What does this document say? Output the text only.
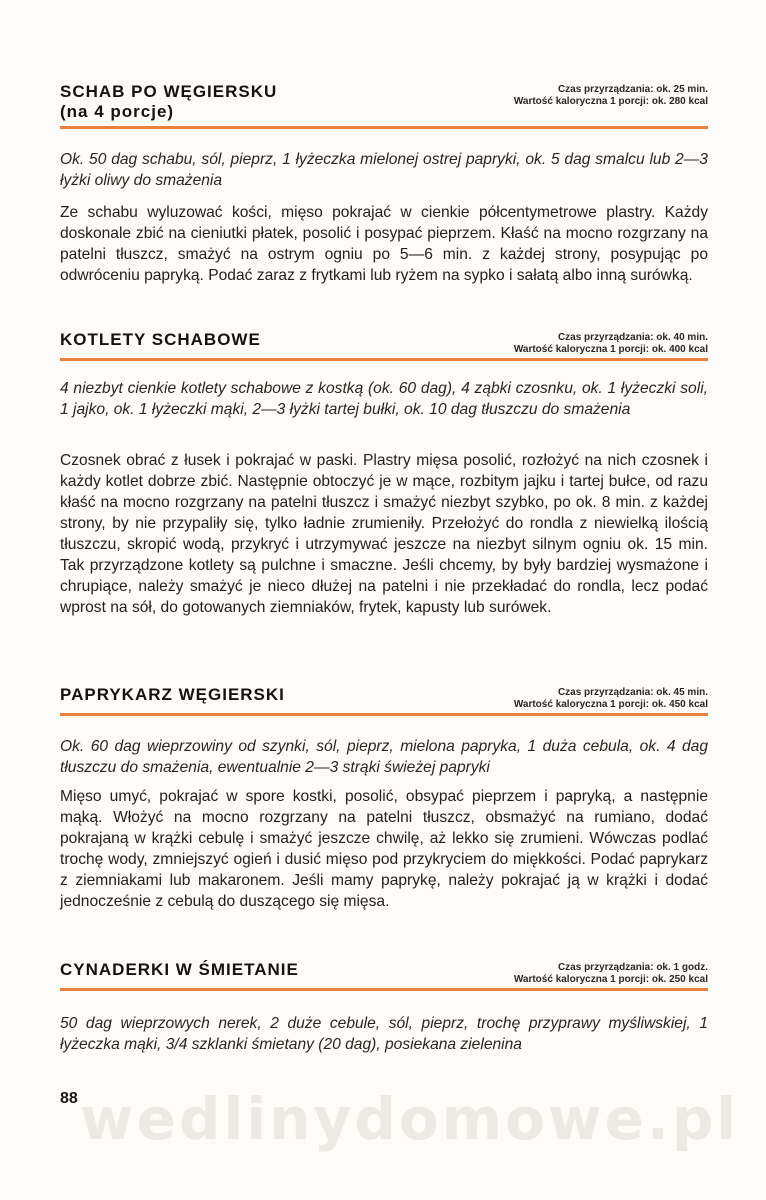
SCHAB PO WĘGIERSKU
(na 4 porcje)
Czas przyrządzania: ok. 25 min.
Wartość kaloryczna 1 porcji: ok. 280 kcal
Ok. 50 dag schabu, sól, pieprz, 1 łyżeczka mielonej ostrej papryki, ok. 5 dag smalcu lub 2—3 łyżki oliwy do smażenia
Ze schabu wyluzować kości, mięso pokrajać w cienkie półcentymetrowe plastry. Każdy doskonale zbić na cieniutki płatek, posolić i posypać pieprzem. Kłaść na mocno rozgrzany na patelni tłuszcz, smażyć na ostrym ogniu po 5—6 min. z każdej strony, posypując po odwróceniu papryką. Podać zaraz z frytkami lub ryżem na sypko i sałatą albo inną surówką.
KOTLETY SCHABOWE	Czas przyrządzania: ok. 40 min.
Wartość kaloryczna 1 porcji: ok. 400 kcal
4 niezbyt cienkie kotlety schabowe z kostką (ok. 60 dag), 4 ząbki czosnku, ok. 1 łyżeczki soli, 1 jajko, ok. 1 łyżeczki mąki, 2—3 łyżki tartej bułki, ok. 10 dag tłuszczu do smażenia
Czosnek obrać z łusek i pokrajać w paski. Plastry mięsa posolić, rozłożyć na nich czosnek i każdy kotlet dobrze zbić. Następnie obtoczyć je w mące, rozbitym jajku i tartej bułce, od razu kłaść na mocno rozgrzany na patelni tłuszcz i smażyć niezbyt szybko, po ok. 8 min. z każdej strony, by nie przypaliły się, tylko ładnie zrumieniły. Przełożyć do rondla z niewielką ilością tłuszczu, skropić wodą, przykryć i utrzymywać jeszcze na niezbyt silnym ogniu ok. 15 min. Tak przyrządzone kotlety są pulchne i smaczne. Jeśli chcemy, by były bardziej wysmażone i chrupiące, należy smażyć je nieco dłużej na patelni i nie przekładać do rondla, lecz podać wprost na sół, do gotowanych ziemniaków, frytek, kapusty lub surówek.
PAPRYKARZ WĘGIERSKI	Czas przyrządzania: ok. 45 min.
Wartość kaloryczna 1 porcji: ok. 450 kcal
Ok. 60 dag wieprzowiny od szynki, sól, pieprz, mielona papryka, 1 duża cebula, ok. 4 dag tłuszczu do smażenia, ewentualnie 2—3 strąki świeżej papryki
Mięso umyć, pokrajać w spore kostki, posolić, obsypać pieprzem i papryką, a następnie mąką. Włożyć na mocno rozgrzany na patelni tłuszcz, obsmażyć na rumiano, dodać pokrajaną w krążki cebulę i smażyć jeszcze chwilę, aż lekko się zrumieni. Wówczas podlać trochę wody, zmniejszyć ogień i dusić mięso pod przykryciem do miękkości. Podać paprykarz z ziemniakami lub makaronem. Jeśli mamy paprykę, należy pokrajać ją w krążki i dodać jednocześnie z cebulą do duszącego się mięsa.
CYNADERKI W ŚMIETANIE	Czas przyrządzania: ok. 1 godz.
Wartość kaloryczna 1 porcji: ok. 250 kcal
50 dag wieprzowych nerek, 2 duże cebule, sól, pieprz, trochę przyprawy myśliwskiej, 1 łyżeczka mąki, 3/4 szklanki śmietany (20 dag), posiekana zielenina
88 wedlinydomowe.pl
